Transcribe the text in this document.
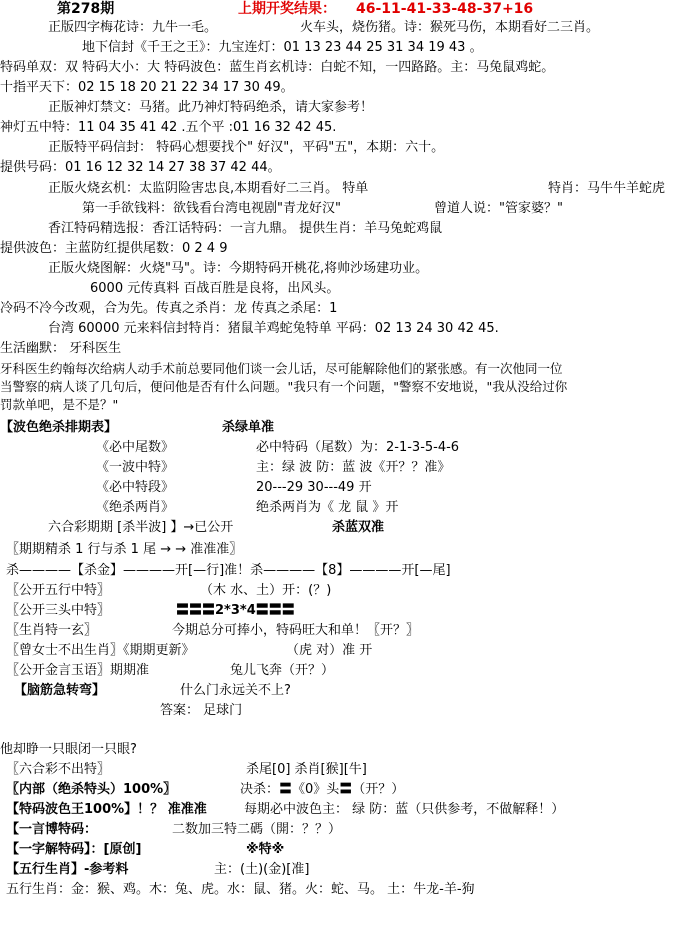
第278期	上期开奖结果： 46-11-41-33-48-37+16
正版四字梅花诗：九牛一毛。	火车头，烧伤猪。诗：猴死马伤，本期看好二三肖。
地下信封《千王之王》：九宝连灯：01 13 23 44 25 31 34 19 43 。
特码单双：双 特码大小：大 特码波色：蓝生肖玄机诗：白蛇不知，一四路路。主：马兔鼠鸡蛇。
十指平天下：02 15 18 20 21 22 34 17 30 49。
正版神灯禁文：马猪。此乃神灯特码绝杀，请大家参考！
神灯五中特：11 04 35 41 42 .五个平 :01 16 32 42 45.
正版特平码信封： 特码心想要找个" 好汉"，平码"五"，本期：六十。
提供号码：01 16 12 32 14 27 38 37 42 44。
正版火烧玄机：太监阴险害忠良,本期看好二三肖。 特单	特肖：马牛牛羊蛇虎
第一手欲钱料：欲钱看台湾电视剧"青龙好汉"	曾道人说："管家婆？"
香江特码精选报：香江话特码：一言九鼎。 提供生肖：羊马兔蛇鸡鼠
提供波色：主蓝防红提供尾数：0 2 4 9
正版火烧图解：火烧"马"。诗：今期特码开桃花,将帅沙场建功业。
6000 元传真料 百战百胜是良将，出风头。
冷码不冷今改观，合为先。传真之杀肖：龙 传真之杀尾：1
台湾 60000 元来料信封特肖：猪鼠羊鸡蛇兔特单 平码：02 13 24 30 42 45.
生活幽默： 牙科医生
牙科医生约翰每次给病人动手术前总要同他们谈一会儿话，尽可能解除他们的紧张感。有一次他同一位
当警察的病人谈了几句后，便问他是否有什么问题。"我只有一个问题，"警察不安地说，"我从没给过你
罚款单吧，是不是？"
【波色绝杀排期表】	杀绿单准
《必中尾数》	必中特码（尾数）为：2-1-3-5-4-6
《一波中特》	主：绿 波 防：蓝 波《开？？准》
《必中特段》	20---29 30---49 开
《绝杀两肖》	绝杀两肖为《 龙 鼠 》开
六合彩期期 [杀半波] 】→已公开	杀蓝双准
〖期期精杀 1 行与杀 1 尾 → → 准准准〗
杀————【杀金】————开[—行]准！杀————【8】————开[—尾]
〖公开五行中特〗	（木 水、土）开：(？)
〖公开三头中特〗	〓〓〓2*3*4〓〓〓
〖生肖特一玄〗	今期总分可捧小，特码旺大和单！〖开？〗
〖曾女士不出生肖〗《期期更新》	（虎 对）准 开
〖公开金言玉语〗期期准	兔儿飞奔（开？）
【脑筋急转弯】	什么门永远关不上?
答案： 足球门
他却睁一只眼闭一只眼?
〖六合彩不出特〗	杀尾[0] 杀肖[猴][牛]
〖内部（绝杀特头）100%〗	决杀：〓《0》头〓（开？）
【特码波色王100%】！？ 准准准	每期必中波色主： 绿 防：蓝（只供参考，不做解释！）
【一言博特码：	二数加三特二碼（開：？？）
【一字解特码】：[原创]	※特※
【五行生肖】-参考料	主：(土)(金)[准]
五行生肖：金：猴、鸡。木：兔、虎。水：鼠、猪。火：蛇、马。 土：牛龙-羊-狗
